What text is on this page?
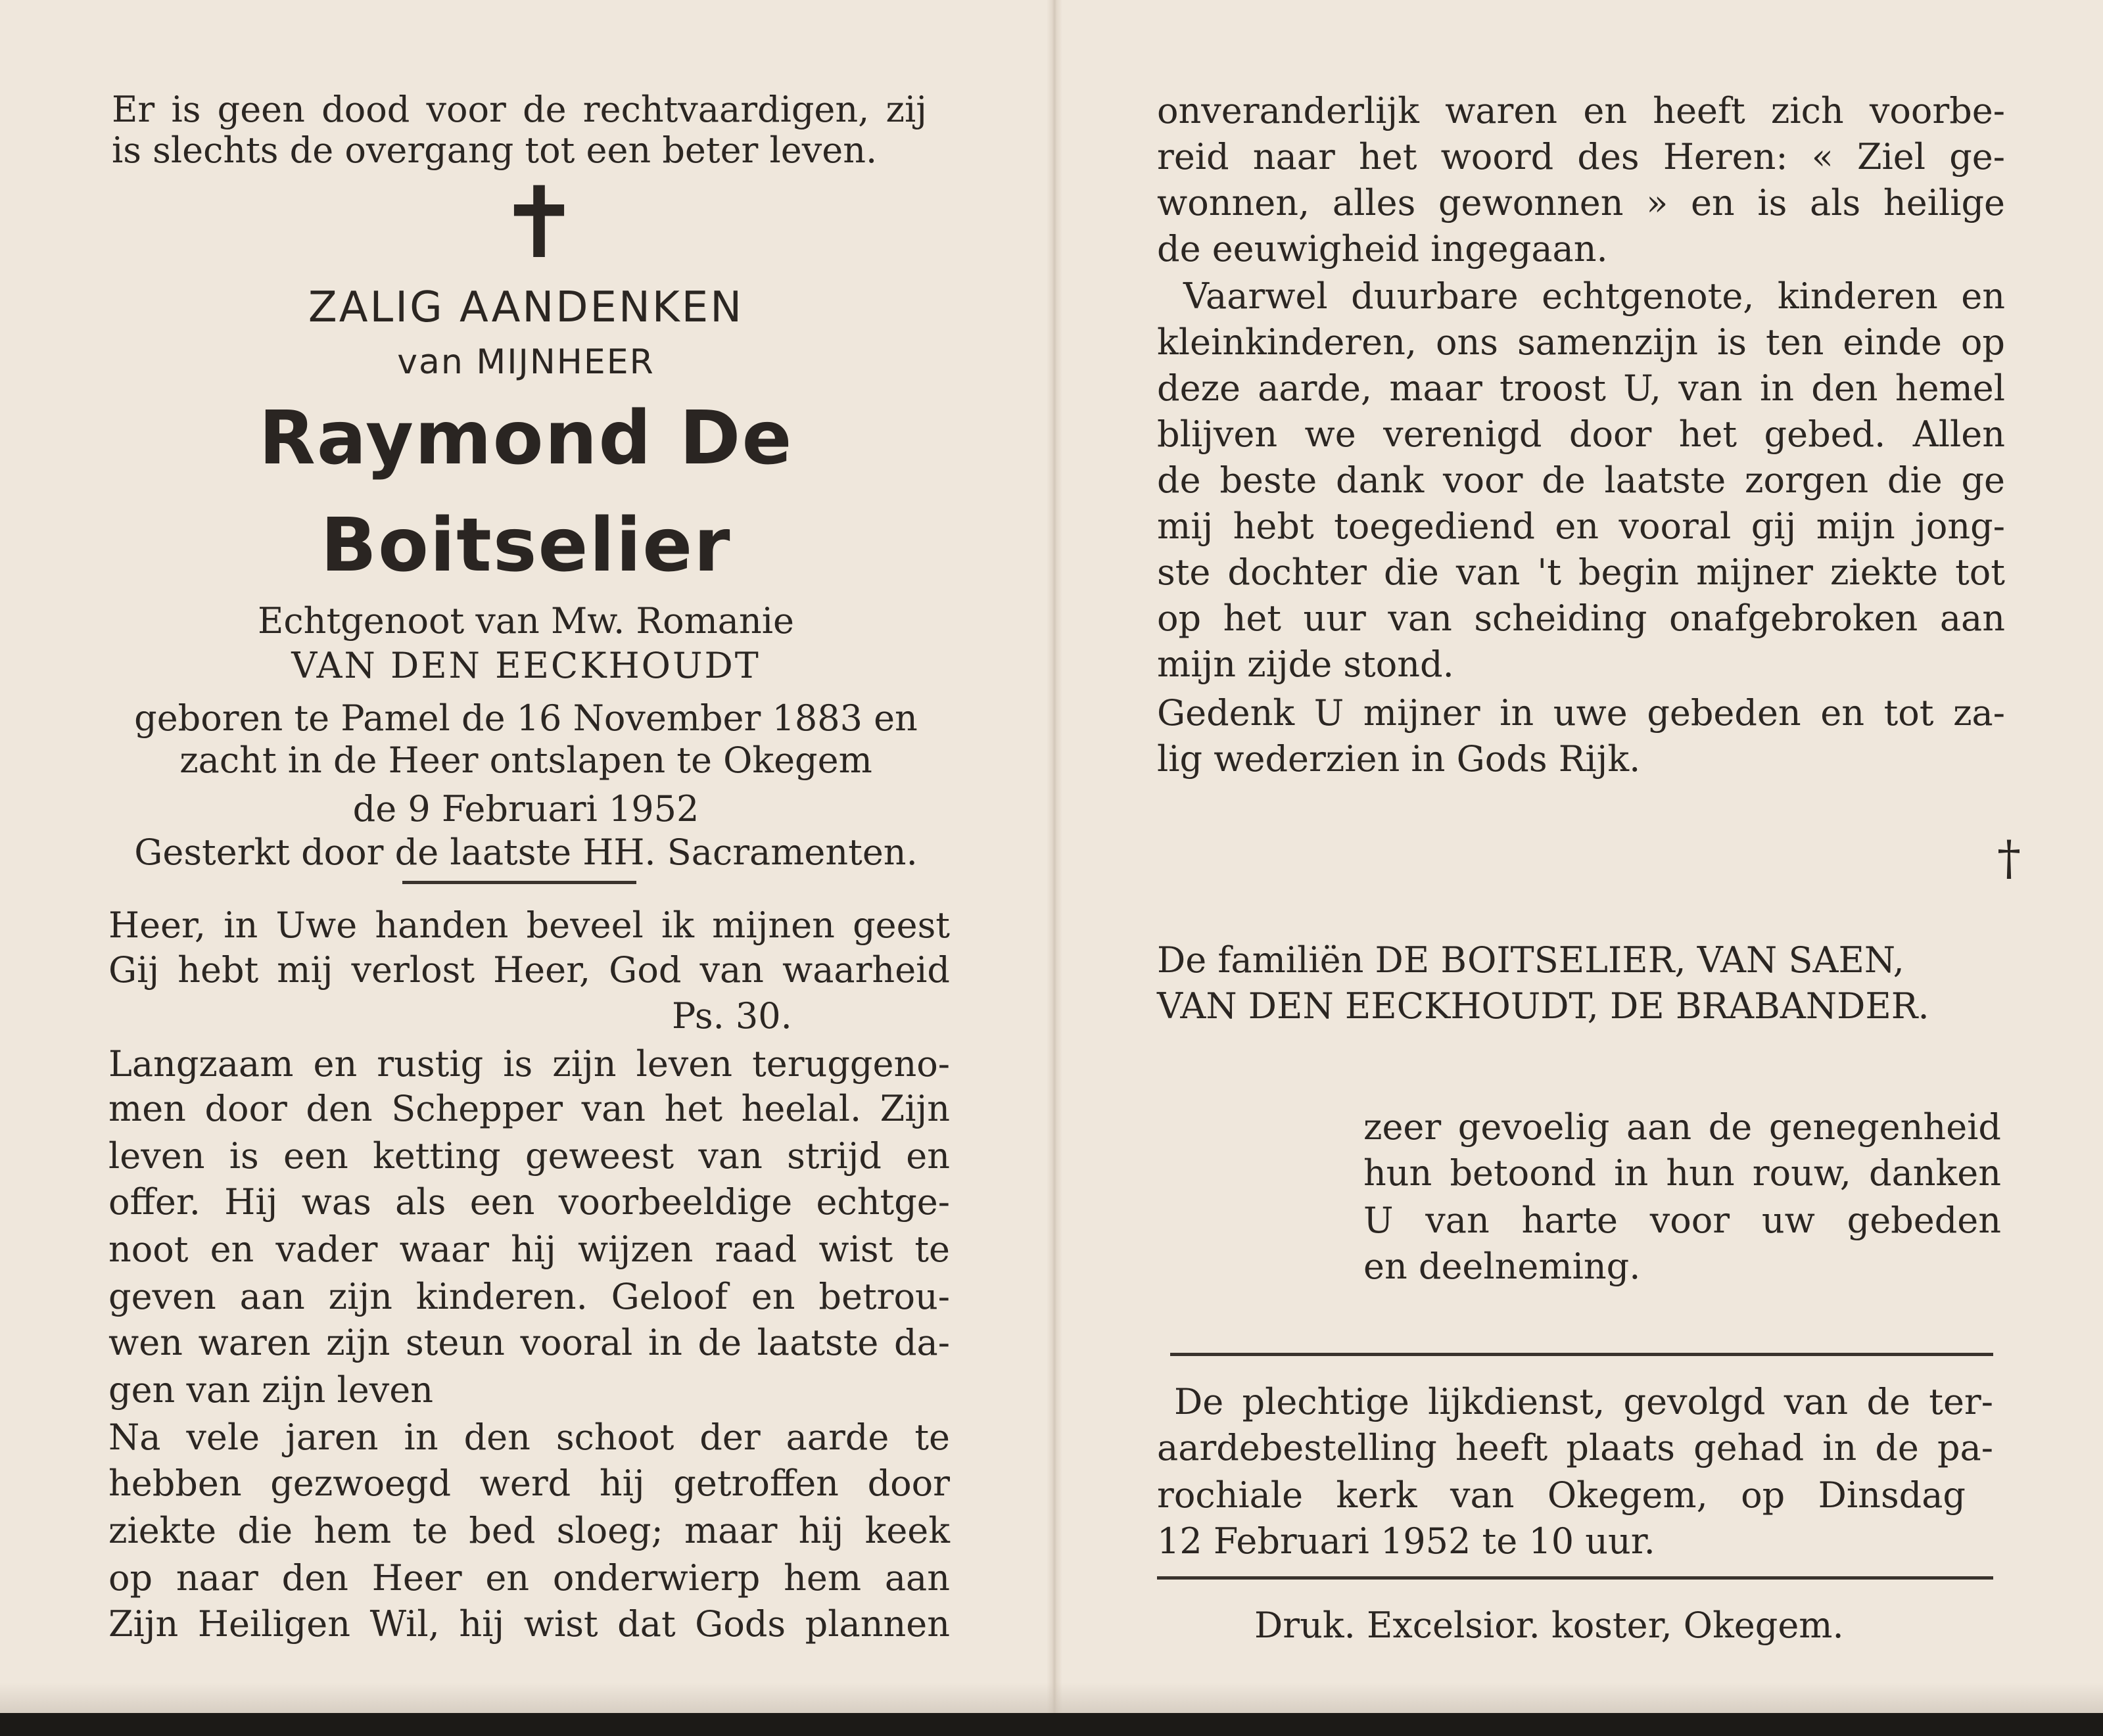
Er is geen dood voor de rechtvaardigen, zij
is slechts de overgang tot een beter leven.
✝
ZALIG AANDENKEN
van MIJNHEER
Raymond De
Boitselier
Echtgenoot van Mw. Romanie
VAN DEN EECKHOUDT
geboren te Pamel de 16 November 1883 en
zacht in de Heer ontslapen te Okegem
de 9 Februari 1952
Gesterkt door de laatste HH. Sacramenten.
Heer, in Uwe handen beveel ik mijnen geest
Gij hebt mij verlost Heer, God van waarheid
Ps. 30.
Langzaam en rustig is zijn leven teruggeno-
men door den Schepper van het heelal. Zijn
leven is een ketting geweest van strijd en
offer. Hij was als een voorbeeldige echtge-
noot en vader waar hij wijzen raad wist te
geven aan zijn kinderen. Geloof en betrou-
wen waren zijn steun vooral in de laatste da-
gen van zijn leven
Na vele jaren in den schoot der aarde te
hebben gezwoegd werd hij getroffen door
ziekte die hem te bed sloeg; maar hij keek
op naar den Heer en onderwierp hem aan
Zijn Heiligen Wil, hij wist dat Gods plannen
onveranderlijk waren en heeft zich voorbe-
reid naar het woord des Heren: « Ziel ge-
wonnen, alles gewonnen » en is als heilige
de eeuwigheid ingegaan.
Vaarwel duurbare echtgenote, kinderen en
kleinkinderen, ons samenzijn is ten einde op
deze aarde, maar troost U, van in den hemel
blijven we verenigd door het gebed. Allen
de beste dank voor de laatste zorgen die ge
mij hebt toegediend en vooral gij mijn jong-
ste dochter die van 't begin mijner ziekte tot
op het uur van scheiding onafgebroken aan
mijn zijde stond.
Gedenk U mijner in uwe gebeden en tot za-
lig wederzien in Gods Rijk.
†
De familiën DE BOITSELIER, VAN SAEN,
VAN DEN EECKHOUDT, DE BRABANDER.
zeer gevoelig aan de genegenheid
hun betoond in hun rouw, danken
U van harte voor uw gebeden
en deelneming.
De plechtige lijkdienst, gevolgd van de ter-
aardebestelling heeft plaats gehad in de pa-
rochiale kerk van Okegem, op Dinsdag
12 Februari 1952 te 10 uur.
Druk. Excelsior. koster, Okegem.
